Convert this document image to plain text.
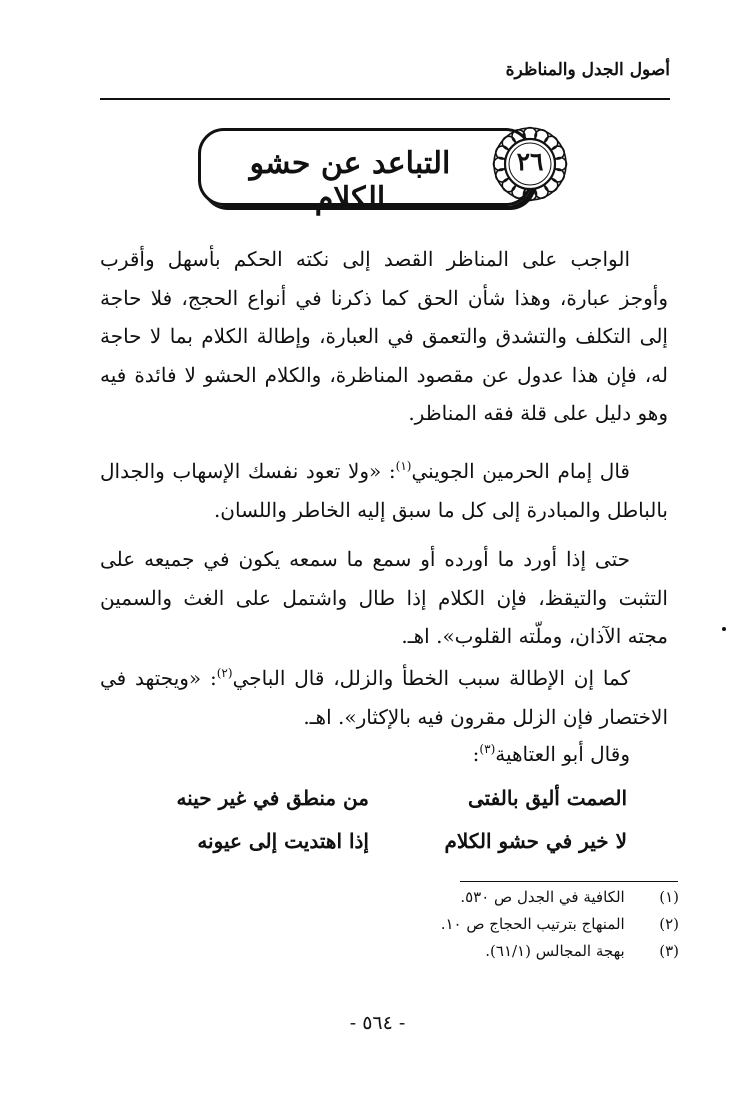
أصول الجدل والمناظرة
التباعد عن حشو الكلام
٢٦
الواجب على المناظر القصد إلى نكته الحكم بأسهل وأقرب وأوجز عبارة، وهذا شأن الحق كما ذكرنا في أنواع الحجج، فلا حاجة إلى التكلف والتشدق والتعمق في العبارة، وإطالة الكلام بما لا حاجة له، فإن هذا عدول عن مقصود المناظرة، والكلام الحشو لا فائدة فيه وهو دليل على قلة فقه المناظر.
قال إمام الحرمين الجويني$^{(١)}$: «ولا تعود نفسك الإسهاب والجدال بالباطل والمبادرة إلى كل ما سبق إليه الخاطر واللسان.
حتى إذا أورد ما أورده أو سمع ما سمعه يكون في جميعه على التثبت والتيقظ، فإن الكلام إذا طال واشتمل على الغث والسمين مجته الآذان، وملّته القلوب». اهـ.
كما إن الإطالة سبب الخطأ والزلل، قال الباجي$^{(٢)}$: «ويجتهد في الاختصار فإن الزلل مقرون فيه بالإكثار». اهـ.
وقال أبو العتاهية$^{(٣)}$:
الصمت أليق بالفتى
من منطق في غير حينه
لا خير في حشو الكلام
إذا اهتديت إلى عيونه
(١)   الكافية في الجدل ص ٥٣٠.
(٢)   المنهاج بترتيب الحجاج ص ١٠.
(٣)   بهجة المجالس (٦١/١).
- ٥٦٤ -
